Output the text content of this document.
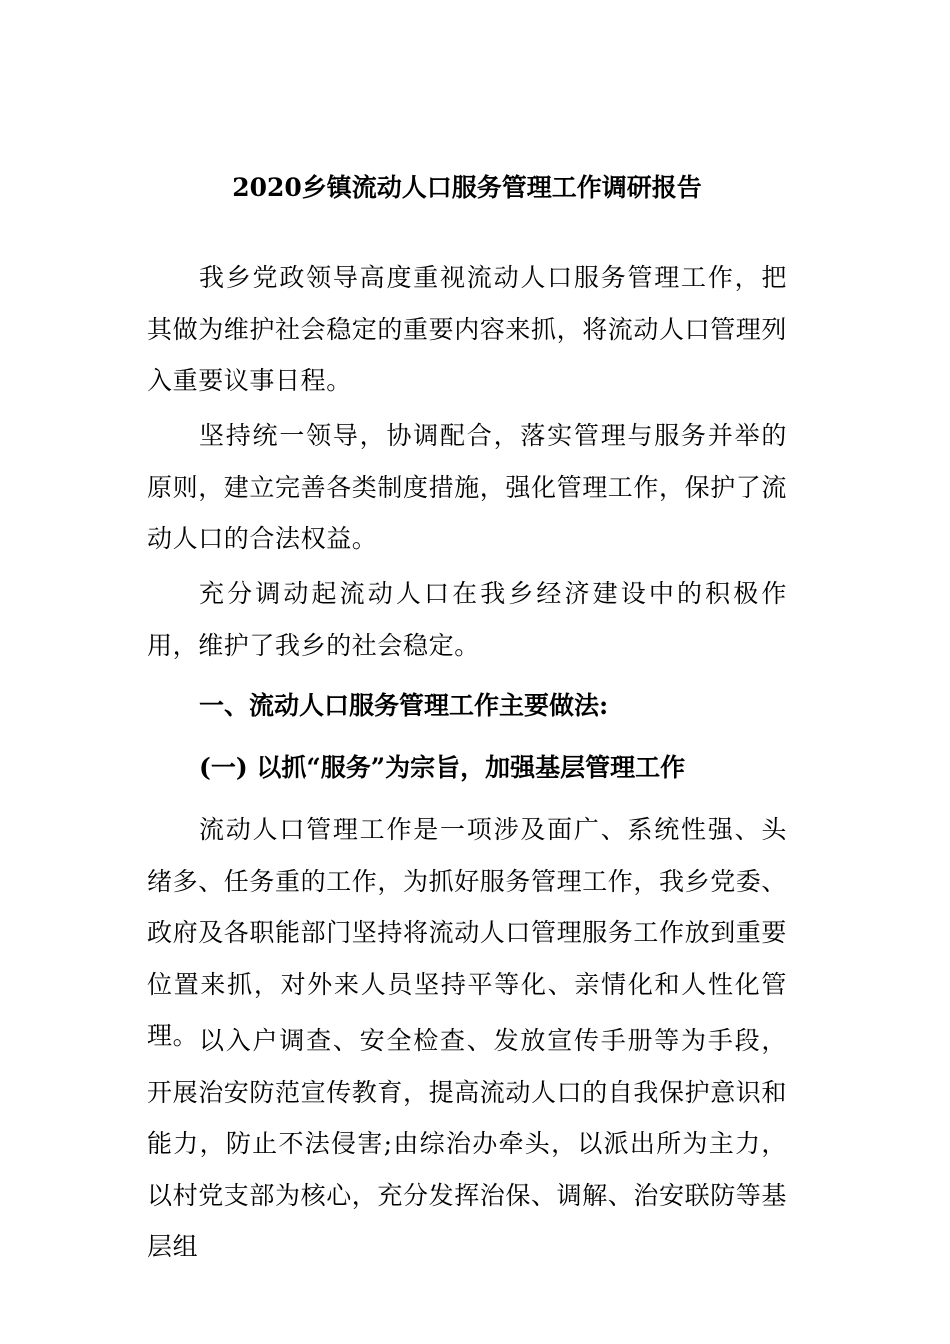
2020乡镇流动人口服务管理工作调研报告

我乡党政领导高度重视流动人口服务管理工作，把其做为维护社会稳定的重要内容来抓，将流动人口管理列入重要议事日程。

坚持统一领导，协调配合，落实管理与服务并举的原则，建立完善各类制度措施，强化管理工作，保护了流动人口的合法权益。

充分调动起流动人口在我乡经济建设中的积极作用，维护了我乡的社会稳定。

一、流动人口服务管理工作主要做法:
(一) 以抓“服务”为宗旨，加强基层管理工作

流动人口管理工作是一项涉及面广、系统性强、头绪多、任务重的工作，为抓好服务管理工作，我乡党委、政府及各职能部门坚持将流动人口管理服务工作放到重要位置来抓，对外来人员坚持平等化、亲情化和人性化管理。 以入户调查、安全检查、发放宣传手册等为手段，开展治安防范宣传教育，提高流动人口的自我保护意识和能力，防止不法侵害;由综治办牵头，以派出所为主力，以村党支部为核心，充分发挥治保、调解、治安联防等基层组
